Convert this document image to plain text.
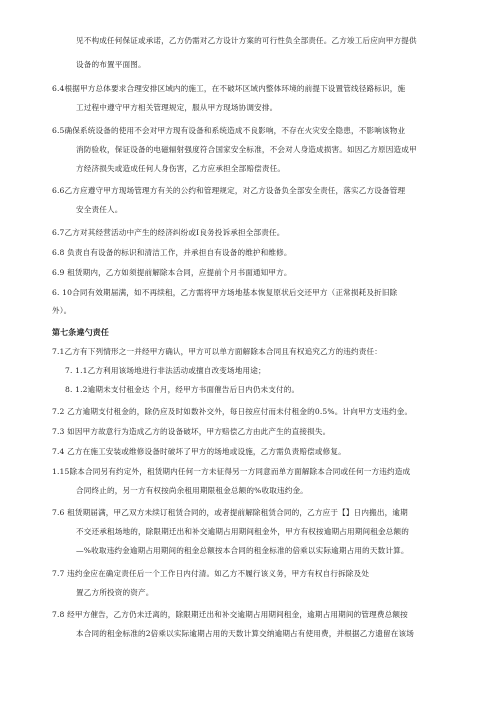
见不构成任何保证或承诺，乙方仍需对乙方设计方案的可行性负全部责任。乙方竣工后应向甲方提供
设备的布置平面图。
6.4根据甲方总体要求合理安排区域内的施工，在不破坏区域内整体环境的前提下设置管线径路标识，施
工过程中遵守甲方相关管理规定，服从甲方现场协调安排。
6.5确保系统设备的使用不会对甲方现有设备和系统造成不良影响，不存在火灾安全隐患，不影响该物业
消防验收，保证设备的电磁辐射强度符合国家安全标准，不会对人身造成损害。如因乙方原因造成甲
方经济损失或造成任何人身伤害，乙方应承担全部赔偿责任。
6.6乙方应遵守甲方现场管理方有关的公约和管理规定，对乙方设备负全部安全责任，落实乙方设备管理
安全责任人。
6.7乙方对其经营活动中产生的经济纠纷或I良务投诉承担全部责任。
6.8 负责自有设备的标识和清洁工作，并承担自有设备的维护和维修。
6.9 租赁期内，乙方如须提前解除本合同，应提前个月书面通知甲方。
6. 10合同有效期届满，如不再续租，乙方需将甲方场地基本恢复原状后交还甲方（正常损耗及折旧除
外）。
第七条違勺责任
7.1乙方有下列情形之一并经甲方确认，甲方可以单方面解除本合同且有权追究乙方的违约责任：
7. 1.1乙方利用该场地进行非法活动或擅自改变场地用途；
8. 1.2逾期未支付租金达 个月，经甲方书面催告后日内仍未支付的。
7.2 乙方逾期支付租金的，除仍应及时如数补交外，每日按应付而未付租金的0.5%。计向甲方支违约金。
7.3 如因甲方故意行为造成乙方的设备破坏，甲方赔偿乙方由此产生的直接损失。
7.4 乙方在施工安装或维修设备时破坏了甲方的场地或设施，乙方需负责赔偿或修复。
1.15除本合同另有约定外，租赁期内任何一方未征得另一方同意而单方面解除本合同或任何一方违约造成
合同终止的，另一方有权按尚余租用期限租金总额的%收取违约金。
7.6 租赁期届满，甲乙双方未续订租赁合同的，或者提前解除租赁合同的，乙方应于【】日内搬出，逾期
不交还承租场地的，除限期迁出和补交逾期占用期间租金外，甲方有权按逾期占用期间租金总额的
—%收取违约金逾期占用期间的租金总额按本合同的租金标准的倍乘以实际逾期占用的天数计算。
7.7 违约金应在确定责任后一个工作日内付清。如乙方不履行该义务，甲方有权自行拆除及处
置乙方所投资的资产。
7.8 经甲方催告，乙方仍未迁离的，除限期迁出和补交逾期占用期间租金，逾期占用期间的管理费总额按
本合同的租金标准的2倍乘以实际逾期占用的天数计算交纳逾期占有使用费，并根据乙方遗留在该场
